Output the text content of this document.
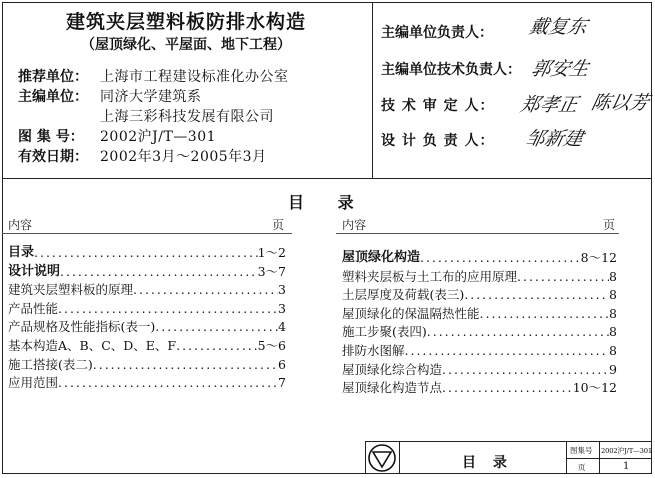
建筑夹层塑料板防排水构造
（屋顶绿化、平屋面、地下工程）
推荐单位： 上海市工程建设标准化办公室
主编单位： 同济大学建筑系
上海三彩科技发展有限公司
图 集 号： 2002沪J/T—301
有效日期： 2002年3月～2005年3月
主编单位负责人： 戴复东
主编单位技术负责人： 郭安生
技 术 审 定 人： 郑孝正 陈以芳
设 计 负 责 人： 邹新建
目 录
内容	页	内容	页
目录 .....	1～2
设计说明 .....	3～7
建筑夹层塑料板的原理 .....	3
产品性能 .....	3
产品规格及性能指标(表一) .....	4
基本构造A、B、C、D、E、F .....	5～6
施工搭接(表二) .....	6
应用范围 .....	7
屋顶绿化构造 .....	8～12
塑料夹层板与土工布的应用原理 .....	8
土层厚度及荷载(表三) .....	8
屋顶绿化的保温隔热性能 .....	8
施工步聚(表四) .....	8
排防水图解 .....	8
屋顶绿化综合构造 .....	9
屋顶绿化构造节点 .....	10～12
目 录
图集号 2002沪J/T—301
页	1
